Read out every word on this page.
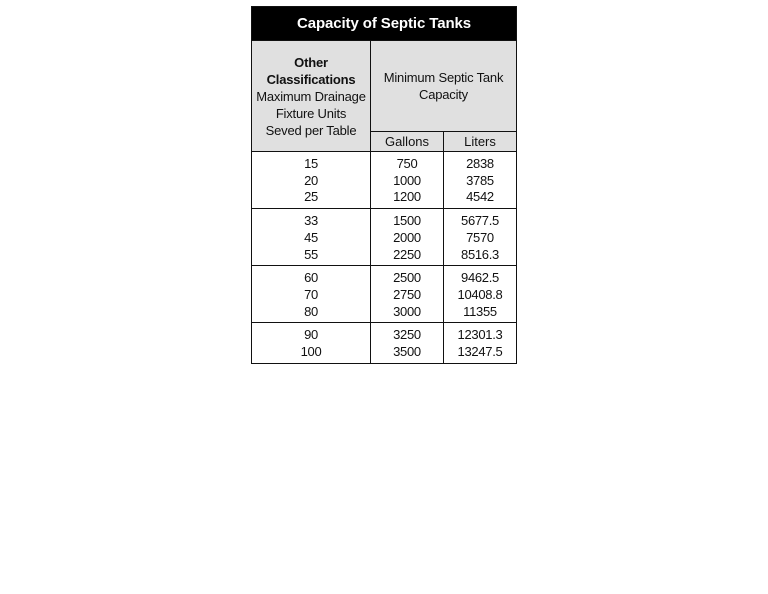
Capacity of Septic Tanks
Other
Classifications
Maximum Drainage
Fixture Units
Seved per Table
Minimum Septic Tank Capacity
Gallons	Liters
15
20
25
750
1000
1200
2838
3785
4542
33
45
55
1500
2000
2250
5677.5
7570
8516.3
60
70
80
2500
2750
3000
9462.5
10408.8
11355
90
100
3250
3500
12301.3
13247.5
